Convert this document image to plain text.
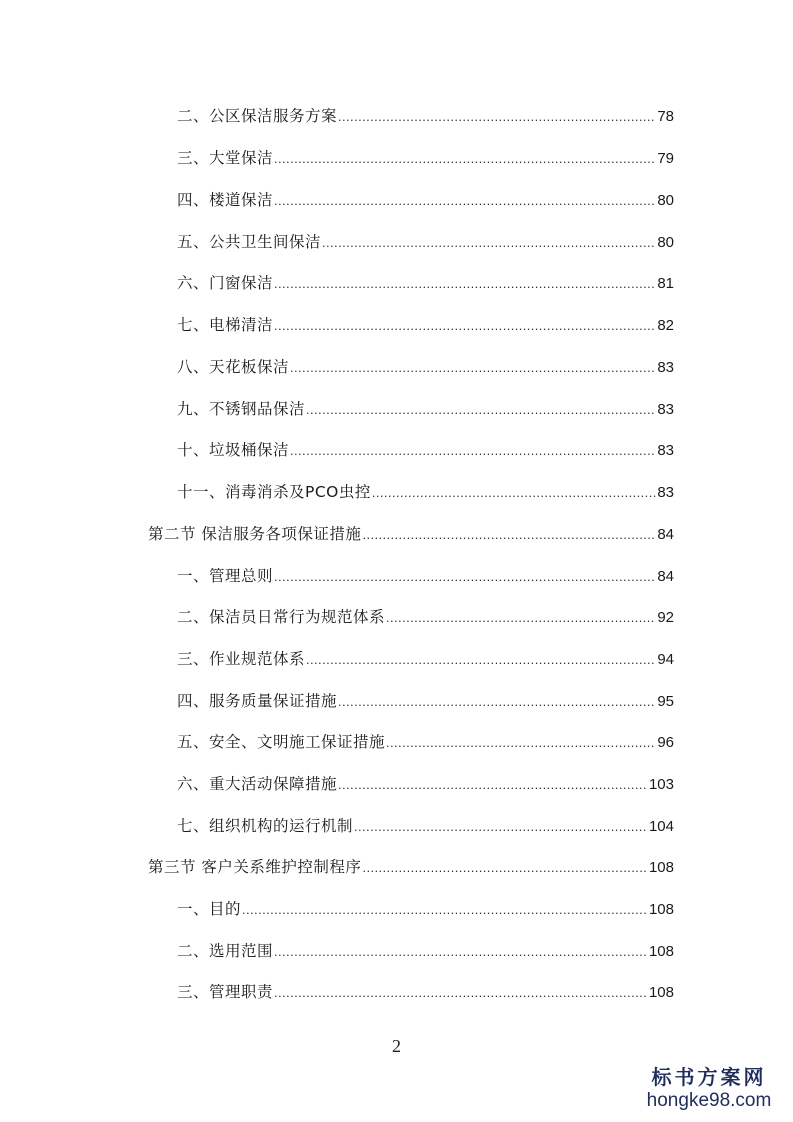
二、公区保洁服务方案 .....	78
三、大堂保洁 .....	79
四、楼道保洁 .....	80
五、公共卫生间保洁 .....	80
六、门窗保洁 .....	81
七、电梯清洁 .....	82
八、天花板保洁 .....	83
九、不锈钢品保洁 .....	83
十、垃圾桶保洁 .....	83
十一、消毒消杀及PCO虫控 .....	83
第二节 保洁服务各项保证措施 .....	84
一、管理总则 .....	84
二、保洁员日常行为规范体系 .....	92
三、作业规范体系 .....	94
四、服务质量保证措施 .....	95
五、安全、文明施工保证措施 .....	96
六、重大活动保障措施 .....	103
七、组织机构的运行机制 .....	104
第三节 客户关系维护控制程序 .....	108
一、目的 .....	108
二、选用范围 .....	108
三、管理职责 .....	108
2
标书方案网
hongke98.com
